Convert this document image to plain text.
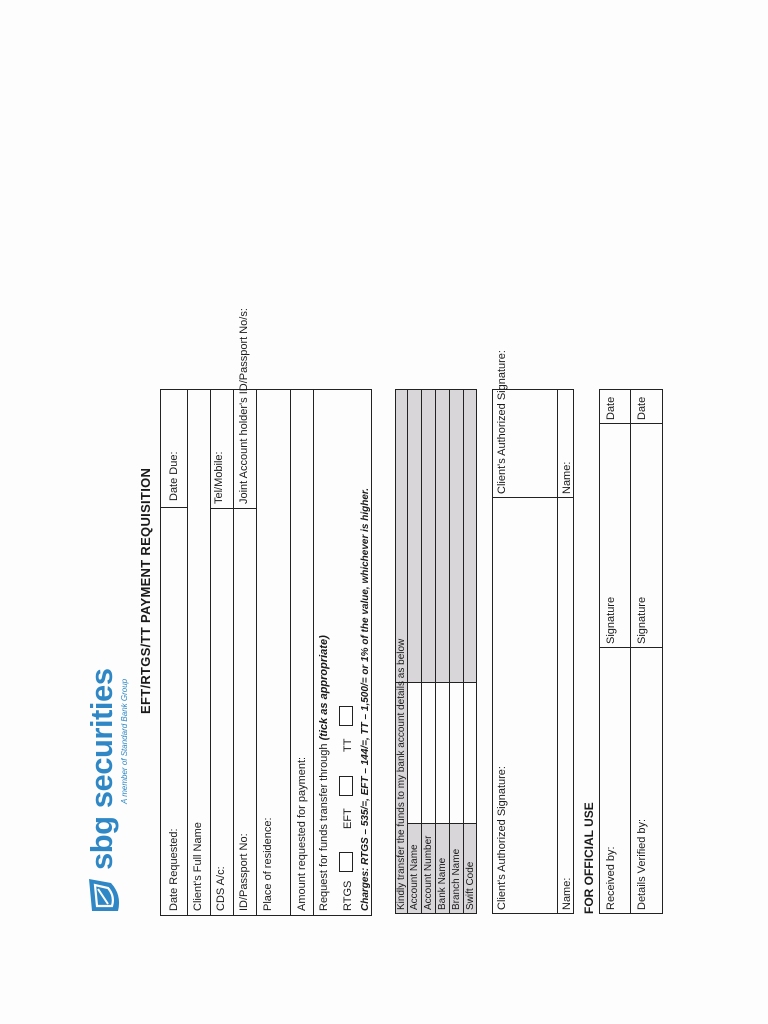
sbg securities A member of Standard Bank Group
EFT/RTGS/TT PAYMENT REQUISITION
Date Requested:
Date Due:
Client's Full Name CDS A/c:
Tel/Mobile:
ID/Passport No:
Joint Account holder's ID/Passport No/s:
Place of residence: Amount requested for payment: Request for funds transfer through (tick as appropriate)
RTGS
EFT
TT Charges: RTGS – 535/=, EFT – 144/=, TT – 1,500/= or 1% of the value, whichever is higher.	Kindly transfer the funds to my bank account details as below Account Name Account Number Bank Name Branch Name Swift Code Client's Authorized Signature:
Client's Authorized Signature:
Name:
Name:
FOR OFFICIAL USE Received by: Details Verified by:
Signature Signature
Date Date
